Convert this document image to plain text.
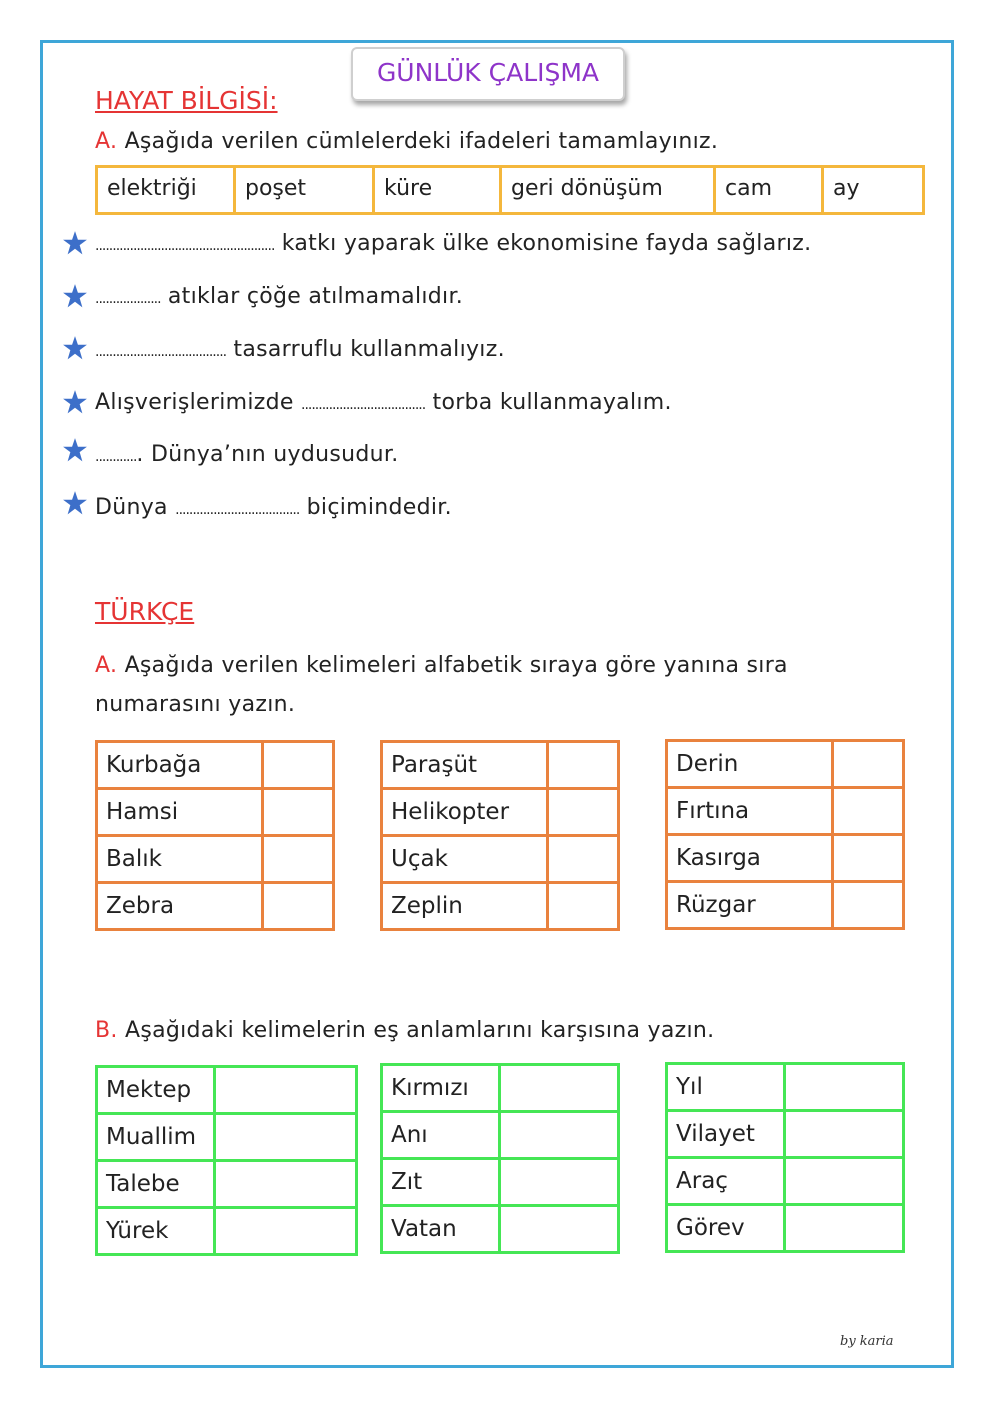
GÜNLÜK ÇALIŞMA
HAYAT BİLGİSİ:
A. Aşağıda verilen cümlelerdeki ifadeleri tamamlayınız.
elektriği	poşet	küre	geri dönüşüm	cam	ay
.................................................... katkı yaparak ülke ekonomisine fayda sağlarız.
................... atıklar çöğe atılmamalıdır.
...................................... tasarruflu kullanmalıyız.
Alışverişlerimizde .................................... torba kullanmayalım.
............. Dünya’nın uydusudur.
Dünya .................................... biçimindedir.
TÜRKÇE
A. Aşağıda verilen kelimeleri alfabetik sıraya göre yanına sıra
numarasını yazın.
Kurbağa	
Hamsi	
Balık	
Zebra	
Paraşüt	
Helikopter	
Uçak	
Zeplin	
Derin	
Fırtına	
Kasırga	
Rüzgar	
B. Aşağıdaki kelimelerin eş anlamlarını karşısına yazın.
Mektep	
Muallim	
Talebe	
Yürek	
Kırmızı	
Anı	
Zıt	
Vatan	
Yıl	
Vilayet	
Araç	
Görev	
by karia
